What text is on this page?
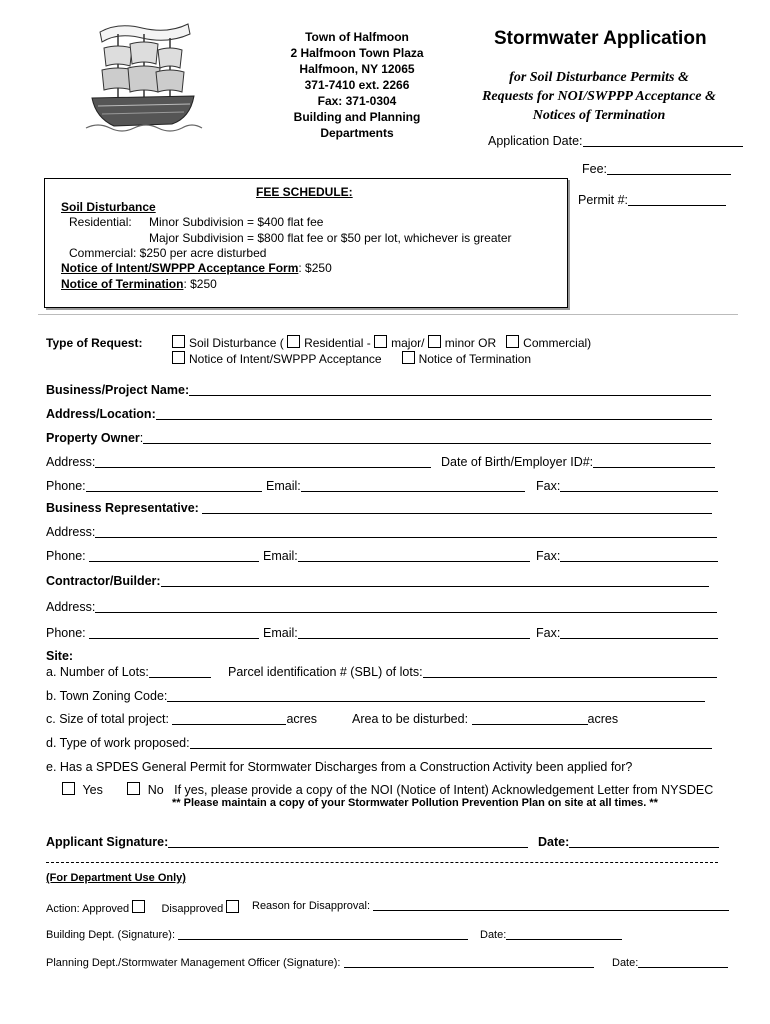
Town of Halfmoon
2 Halfmoon Town Plaza
Halfmoon, NY 12065
371-7410 ext. 2266
Fax: 371-0304
Building and Planning
Departments
Stormwater Application
for Soil Disturbance Permits &
Requests for NOI/SWPPP Acceptance &
Notices of Termination
Application Date:
Fee:
Permit #:
FEE SCHEDULE:
Soil Disturbance
Residential: Minor Subdivision = $400 flat fee
Major Subdivision = $800 flat fee or $50 per lot, whichever is greater
Commercial: $250 per acre disturbed
Notice of Intent/SWPPP Acceptance Form: $250
Notice of Termination: $250
Type of Request:	Soil Disturbance ( Residential - major/ minor OR Commercial)
Notice of Intent/SWPPP Acceptance	Notice of Termination
Business/Project Name:
Address/Location:
Property Owner:
Address:	Date of Birth/Employer ID#:
Phone:	Email:	Fax:
Business Representative:
Address:
Phone:	Email:	Fax:
Contractor/Builder:
Address:
Phone:	Email:	Fax:
Site:
a. Number of Lots:	Parcel identification # (SBL) of lots:
b. Town Zoning Code:
c. Size of total project:	acres	Area to be disturbed:	acres
d. Type of work proposed:
e. Has a SPDES General Permit for Stormwater Discharges from a Construction Activity been applied for?
Yes	No If yes, please provide a copy of the NOI (Notice of Intent) Acknowledgement Letter from NYSDEC
** Please maintain a copy of your Stormwater Pollution Prevention Plan on site at all times. **
Applicant Signature:	Date:
(For Department Use Only)
Action: Approved	Disapproved	Reason for Disapproval:
Building Dept. (Signature):	Date:
Planning Dept./Stormwater Management Officer (Signature):	Date:
